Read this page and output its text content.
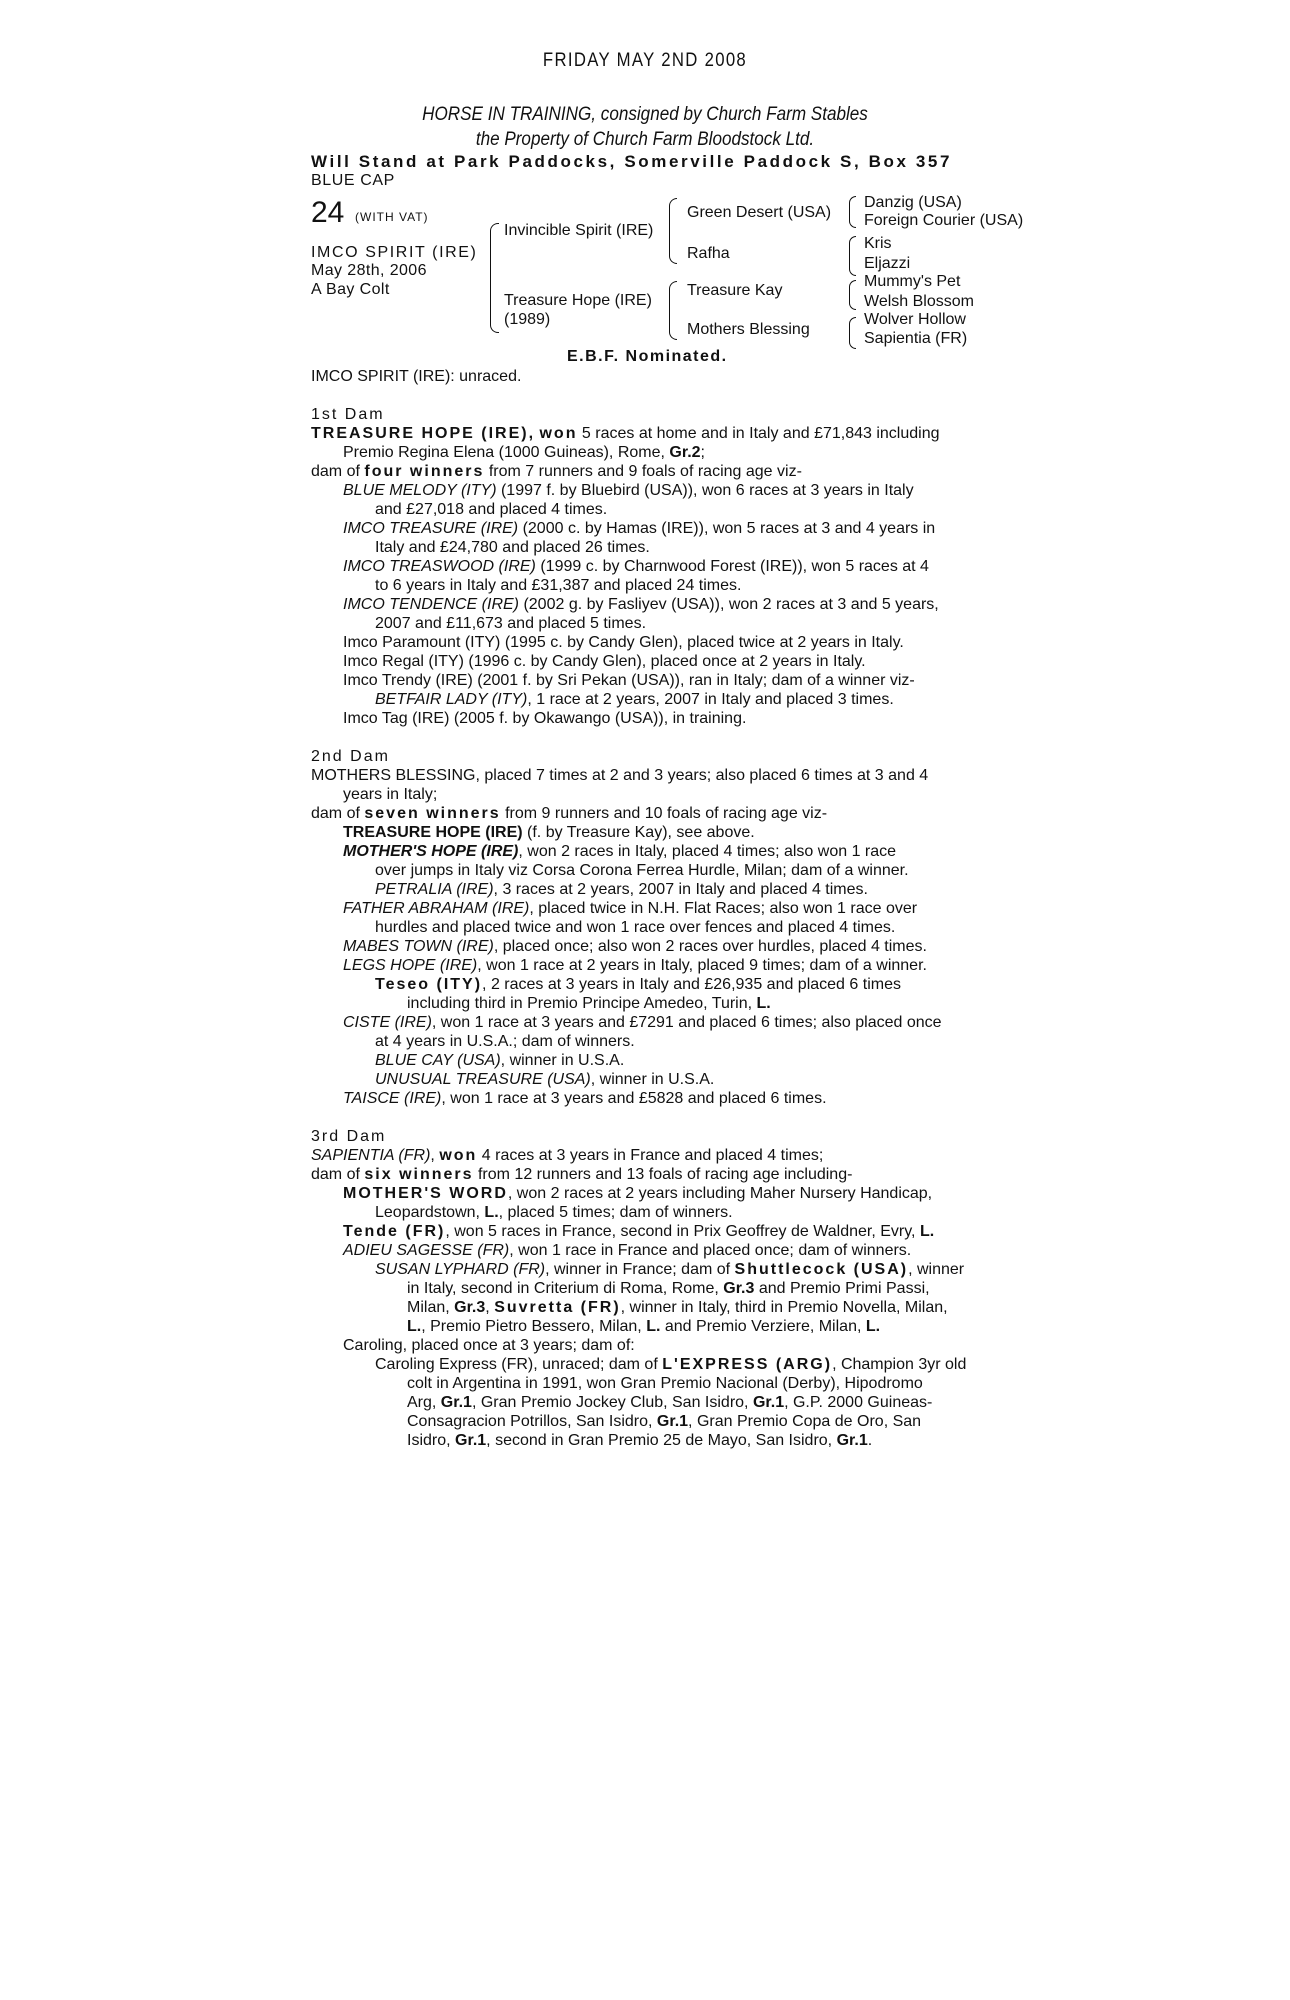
FRIDAY MAY 2ND 2008
HORSE IN TRAINING, consigned by Church Farm Stables
the Property of Church Farm Bloodstock Ltd.
Will Stand at Park Paddocks, Somerville Paddock S, Box 357
BLUE CAP
24 (WITH VAT)
IMCO SPIRIT (IRE)
May 28th, 2006
A Bay Colt
Invincible Spirit (IRE)
Treasure Hope (IRE)
(1989)
Green Desert (USA)
Rafha
Treasure Kay
Mothers Blessing
Danzig (USA)
Foreign Courier (USA)
Kris
Eljazzi
Mummy's Pet
Welsh Blossom
Wolver Hollow
Sapientia (FR)
E.B.F. Nominated.
IMCO SPIRIT (IRE): unraced.
1st Dam
TREASURE HOPE (IRE), won 5 races at home and in Italy and £71,843 including
Premio Regina Elena (1000 Guineas), Rome, Gr.2;
dam of four winners from 7 runners and 9 foals of racing age viz-
BLUE MELODY (ITY) (1997 f. by Bluebird (USA)), won 6 races at 3 years in Italy
and £27,018 and placed 4 times.
IMCO TREASURE (IRE) (2000 c. by Hamas (IRE)), won 5 races at 3 and 4 years in
Italy and £24,780 and placed 26 times.
IMCO TREASWOOD (IRE) (1999 c. by Charnwood Forest (IRE)), won 5 races at 4
to 6 years in Italy and £31,387 and placed 24 times.
IMCO TENDENCE (IRE) (2002 g. by Fasliyev (USA)), won 2 races at 3 and 5 years,
2007 and £11,673 and placed 5 times.
Imco Paramount (ITY) (1995 c. by Candy Glen), placed twice at 2 years in Italy.
Imco Regal (ITY) (1996 c. by Candy Glen), placed once at 2 years in Italy.
Imco Trendy (IRE) (2001 f. by Sri Pekan (USA)), ran in Italy; dam of a winner viz-
BETFAIR LADY (ITY), 1 race at 2 years, 2007 in Italy and placed 3 times.
Imco Tag (IRE) (2005 f. by Okawango (USA)), in training.
2nd Dam
MOTHERS BLESSING, placed 7 times at 2 and 3 years; also placed 6 times at 3 and 4
years in Italy;
dam of seven winners from 9 runners and 10 foals of racing age viz-
TREASURE HOPE (IRE) (f. by Treasure Kay), see above.
MOTHER'S HOPE (IRE), won 2 races in Italy, placed 4 times; also won 1 race
over jumps in Italy viz Corsa Corona Ferrea Hurdle, Milan; dam of a winner.
PETRALIA (IRE), 3 races at 2 years, 2007 in Italy and placed 4 times.
FATHER ABRAHAM (IRE), placed twice in N.H. Flat Races; also won 1 race over
hurdles and placed twice and won 1 race over fences and placed 4 times.
MABES TOWN (IRE), placed once; also won 2 races over hurdles, placed 4 times.
LEGS HOPE (IRE), won 1 race at 2 years in Italy, placed 9 times; dam of a winner.
Teseo (ITY), 2 races at 3 years in Italy and £26,935 and placed 6 times
including third in Premio Principe Amedeo, Turin, L.
CISTE (IRE), won 1 race at 3 years and £7291 and placed 6 times; also placed once
at 4 years in U.S.A.; dam of winners.
BLUE CAY (USA), winner in U.S.A.
UNUSUAL TREASURE (USA), winner in U.S.A.
TAISCE (IRE), won 1 race at 3 years and £5828 and placed 6 times.
3rd Dam
SAPIENTIA (FR), won 4 races at 3 years in France and placed 4 times;
dam of six winners from 12 runners and 13 foals of racing age including-
MOTHER'S WORD, won 2 races at 2 years including Maher Nursery Handicap,
Leopardstown, L., placed 5 times; dam of winners.
Tende (FR), won 5 races in France, second in Prix Geoffrey de Waldner, Evry, L.
ADIEU SAGESSE (FR), won 1 race in France and placed once; dam of winners.
SUSAN LYPHARD (FR), winner in France; dam of Shuttlecock (USA), winner
in Italy, second in Criterium di Roma, Rome, Gr.3 and Premio Primi Passi,
Milan, Gr.3, Suvretta (FR), winner in Italy, third in Premio Novella, Milan,
L., Premio Pietro Bessero, Milan, L. and Premio Verziere, Milan, L.
Caroling, placed once at 3 years; dam of:
Caroling Express (FR), unraced; dam of L'EXPRESS (ARG), Champion 3yr old
colt in Argentina in 1991, won Gran Premio Nacional (Derby), Hipodromo
Arg, Gr.1, Gran Premio Jockey Club, San Isidro, Gr.1, G.P. 2000 Guineas-
Consagracion Potrillos, San Isidro, Gr.1, Gran Premio Copa de Oro, San
Isidro, Gr.1, second in Gran Premio 25 de Mayo, San Isidro, Gr.1.
